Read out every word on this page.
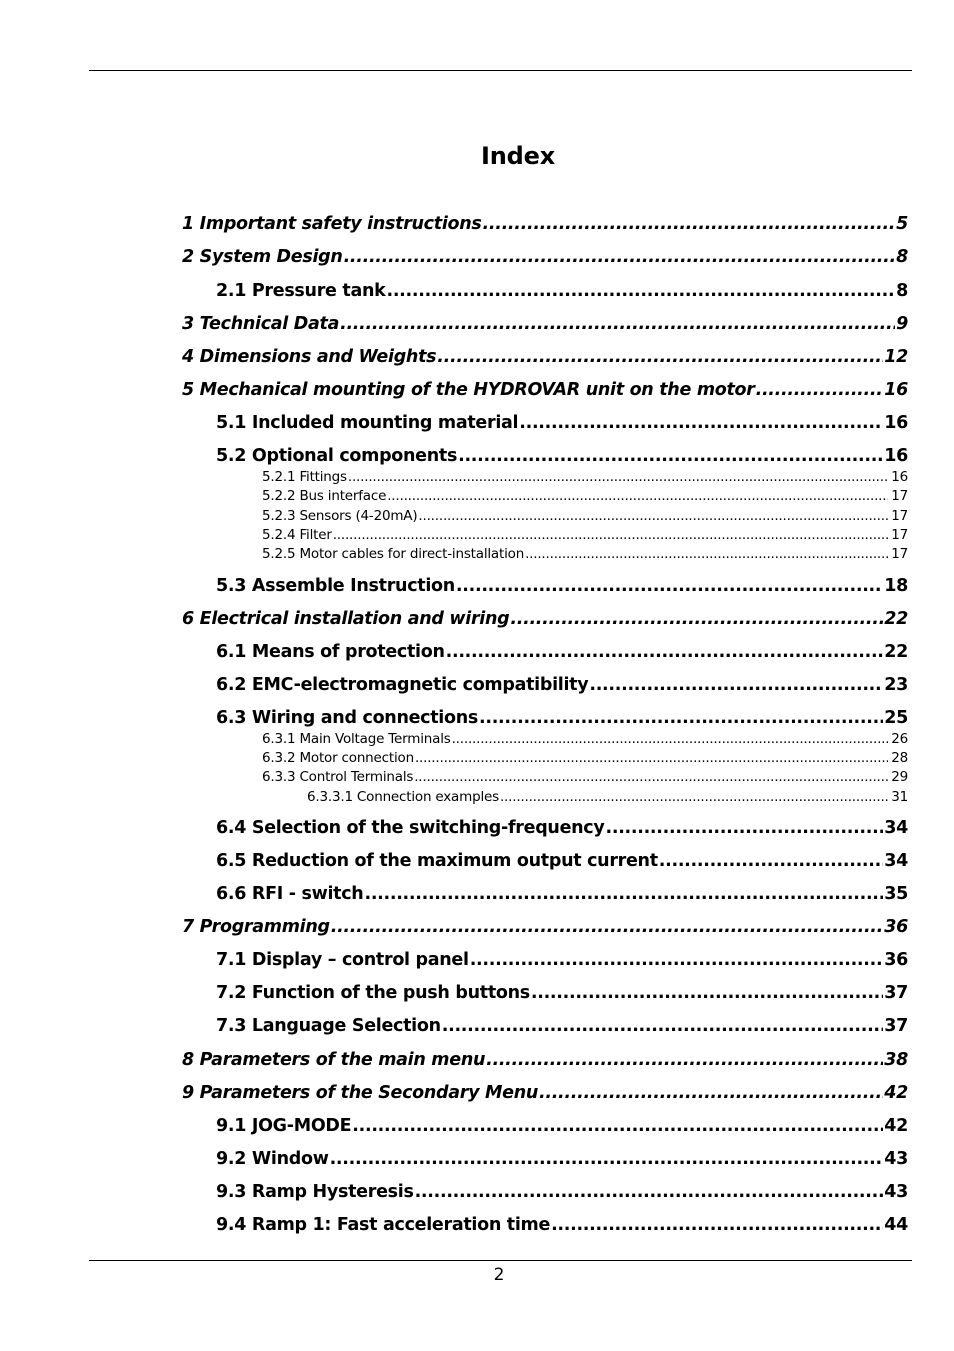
Index
1 Important safety instructions .....	5
2 System Design .....	8
2.1 Pressure tank .....	8
3 Technical Data .....	9
4 Dimensions and Weights .....	12
5 Mechanical mounting of the HYDROVAR unit on the motor .....	16
5.1 Included mounting material .....	16
5.2 Optional components .....	16
5.2.1 Fittings .....	16
5.2.2 Bus interface .....	17
5.2.3 Sensors (4-20mA) .....	17
5.2.4 Filter .....	17
5.2.5 Motor cables for direct-installation .....	17
5.3 Assemble Instruction .....	18
6 Electrical installation and wiring .....	22
6.1 Means of protection .....	22
6.2 EMC-electromagnetic compatibility .....	23
6.3 Wiring and connections .....	25
6.3.1 Main Voltage Terminals .....	26
6.3.2 Motor connection .....	28
6.3.3 Control Terminals .....	29
6.3.3.1 Connection examples .....	31
6.4 Selection of the switching-frequency .....	34
6.5 Reduction of the maximum output current .....	34
6.6 RFI - switch .....	35
7 Programming .....	36
7.1 Display – control panel .....	36
7.2 Function of the push buttons .....	37
7.3 Language Selection .....	37
8 Parameters of the main menu .....	38
9 Parameters of the Secondary Menu .....	42
9.1 JOG-MODE .....	42
9.2 Window .....	43
9.3 Ramp Hysteresis .....	43
9.4 Ramp 1: Fast acceleration time .....	44
2
